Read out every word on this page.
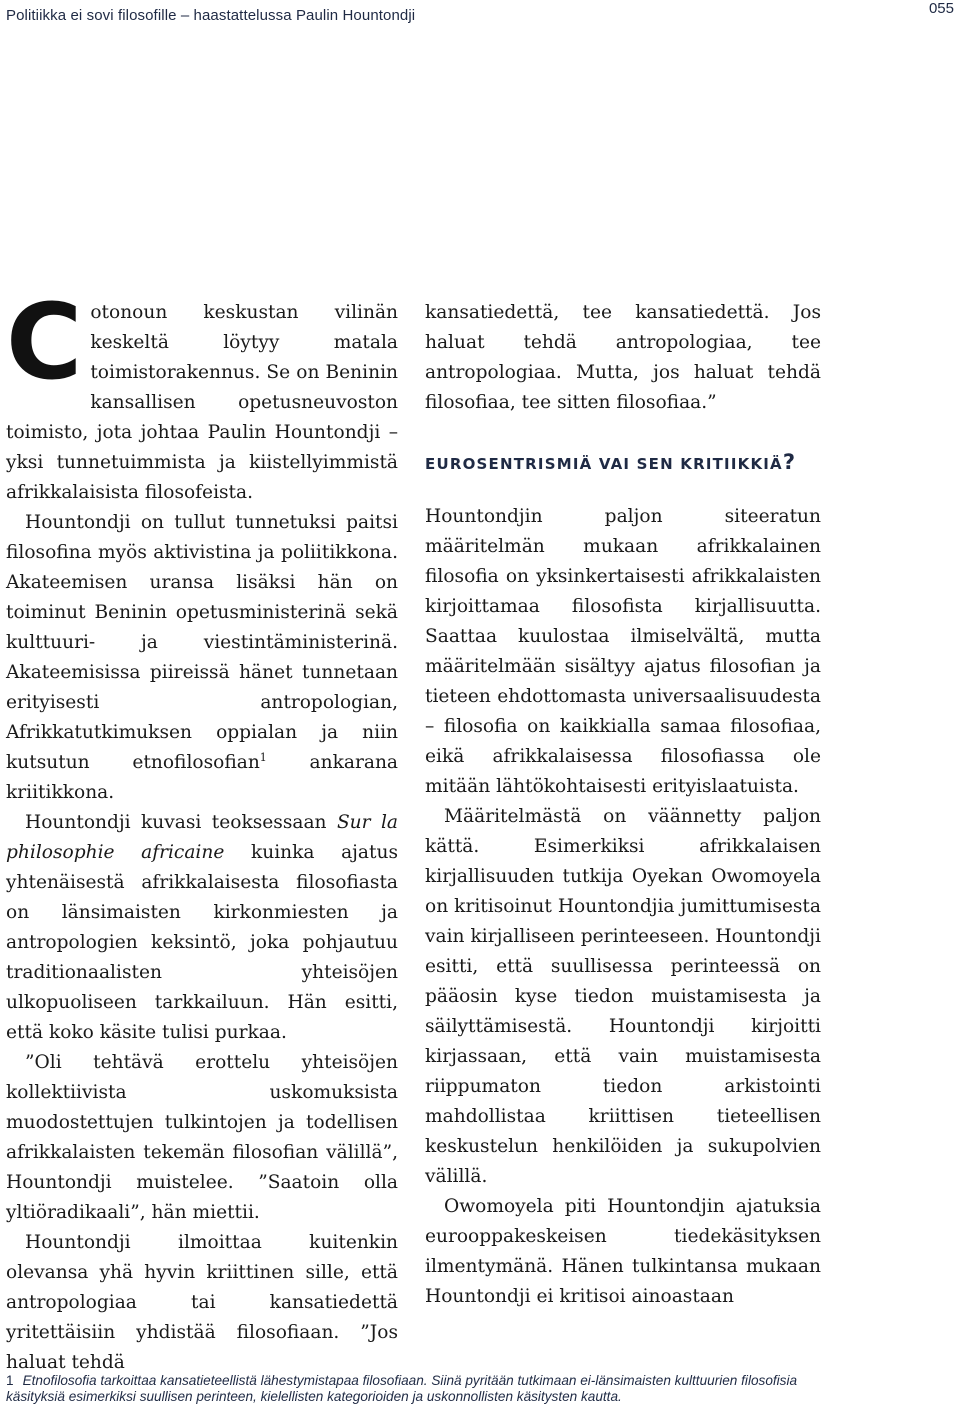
Politiikka ei sovi filosofille – haastattelussa Paulin Hountondji	055
C otonoun keskustan vilinän keskeltä löytyy matala toimistorakennus. Se on Beninin kansallisen opetusneuvoston toimisto, jota johtaa Paulin Hountondji – yksi tunnetuimmista ja kiistellyimmistä afrikkalaisista filosofeista.

Hountondji on tullut tunnetuksi paitsi filosofina myös aktivistina ja poliitikkona. Akateemisen uransa lisäksi hän on toiminut Beninin opetusministerinä sekä kulttuuri- ja viestintäministerinä. Akateemisissa piireissä hänet tunnetaan erityisesti antropologian, Afrikkatutkimuksen oppialan ja niin kutsutun etnofilosofian$^1$ ankarana kriitikkona.

Hountondji kuvasi teoksessaan Sur la philosophie africaine kuinka ajatus yhtenäisestä afrikkalaisesta filosofiasta on länsimaisten kirkonmiesten ja antropologien keksintö, joka pohjautuu traditionaalisten yhteisöjen ulkopuoliseen tarkkailuun. Hän esitti, että koko käsite tulisi purkaa.

”Oli tehtävä erottelu yhteisöjen kollektiivista uskomuksista muodostettujen tulkintojen ja todellisen afrikkalaisten tekemän filosofian välillä”, Hountondji muistelee. ”Saatoin olla yltiöradikaali”, hän miettii.

Hountondji ilmoittaa kuitenkin olevansa yhä hyvin kriittinen sille, että antropologiaa tai kansatiedettä yritettäisiin yhdistää filosofiaan. ”Jos haluat tehdä

kansatiedettä, tee kansatiedettä. Jos haluat tehdä antropologiaa, tee antropologiaa. Mutta, jos haluat tehdä filosofiaa, tee sitten filosofiaa.”

EUROSENTRISMIÄ VAI SEN KRITIIKKIÄ?

Hountondjin paljon siteeratun määritelmän mukaan afrikkalainen filosofia on yksinkertaisesti afrikkalaisten kirjoittamaa filosofista kirjallisuutta. Saattaa kuulostaa ilmiselvältä, mutta määritelmään sisältyy ajatus filosofian ja tieteen ehdottomasta universaalisuudesta – filosofia on kaikkialla samaa filosofiaa, eikä afrikkalaisessa filosofiassa ole mitään lähtökohtaisesti erityislaatuista.

Määritelmästä on väännetty paljon kättä. Esimerkiksi afrikkalaisen kirjallisuuden tutkija Oyekan Owomoyela on kritisoinut Hountondjia jumittumisesta vain kirjalliseen perinteeseen. Hountondji esitti, että suullisessa perinteessä on pääosin kyse tiedon muistamisesta ja säilyttämisestä. Hountondji kirjoitti kirjassaan, että vain muistamisesta riippumaton tiedon arkistointi mahdollistaa kriittisen tieteellisen keskustelun henkilöiden ja sukupolvien välillä.

Owomoyela piti Hountondjin ajatuksia eurooppakeskeisen tiedekäsityksen ilmentymänä. Hänen tulkintansa mukaan Hountondji ei kritisoi ainoastaan

1 Etnofilosofia tarkoittaa kansatieteellistä lähestymistapaa filosofiaan. Siinä pyritään tutkimaan ei-länsimaisten kulttuurien filosofisia käsityksiä esimerkiksi suullisen perinteen, kielellisten kategorioiden ja uskonnollisten käsitysten kautta.
